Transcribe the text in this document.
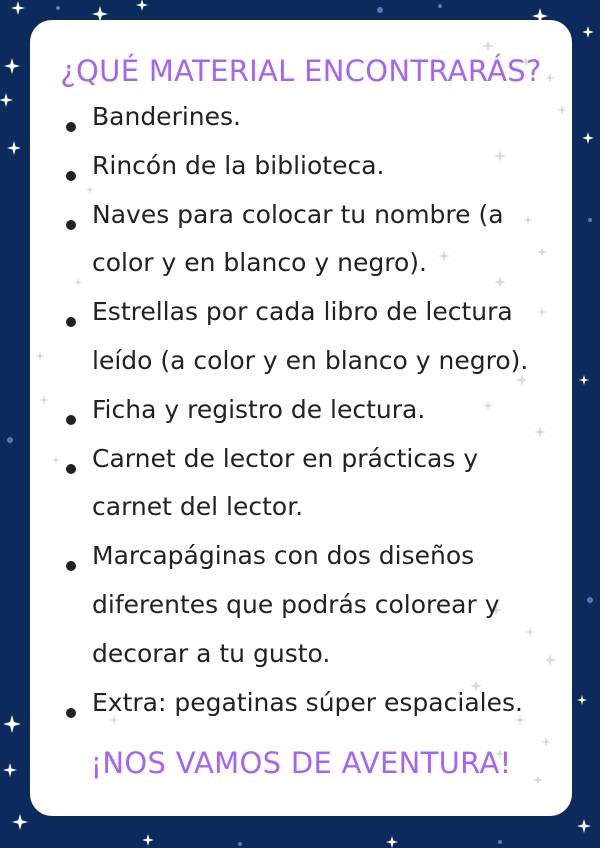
¿QUÉ MATERIAL ENCONTRARÁS?
Banderines.
Rincón de la biblioteca.
Naves para colocar tu nombre (a
color y en blanco y negro).
Estrellas por cada libro de lectura
leído (a color y en blanco y negro).
Ficha y registro de lectura.
Carnet de lector en prácticas y
carnet del lector.
Marcapáginas con dos diseños
diferentes que podrás colorear y
decorar a tu gusto.
Extra: pegatinas súper espaciales.
¡NOS VAMOS DE AVENTURA!
